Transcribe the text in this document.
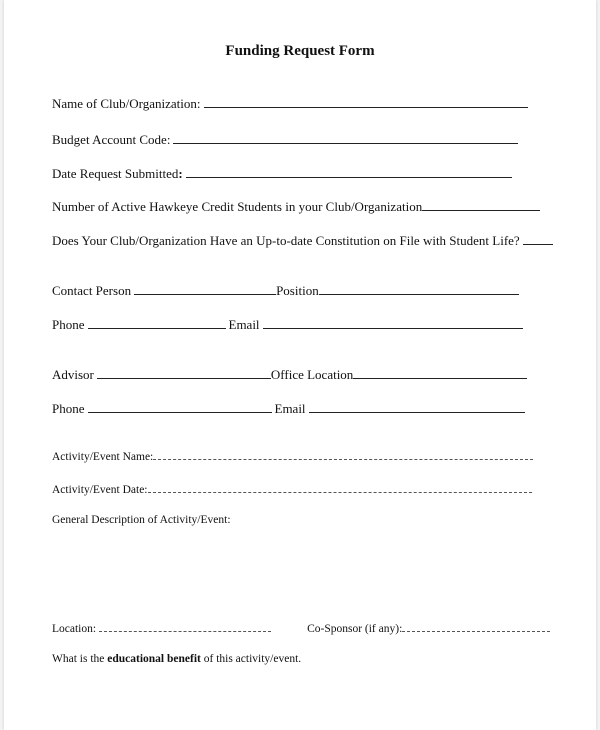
Funding Request Form
Name of Club/Organization:
Budget Account Code:
Date Request Submitted:
Number of Active Hawkeye Credit Students in your Club/Organization
Does Your Club/Organization Have an Up-to-date Constitution on File with Student Life?
Contact Person	Position
Phone	Email
Advisor	Office Location
Phone	Email
Activity/Event Name:
Activity/Event Date:
General Description of Activity/Event:
Location:	Co-Sponsor (if any):
What is the educational benefit of this activity/event.
